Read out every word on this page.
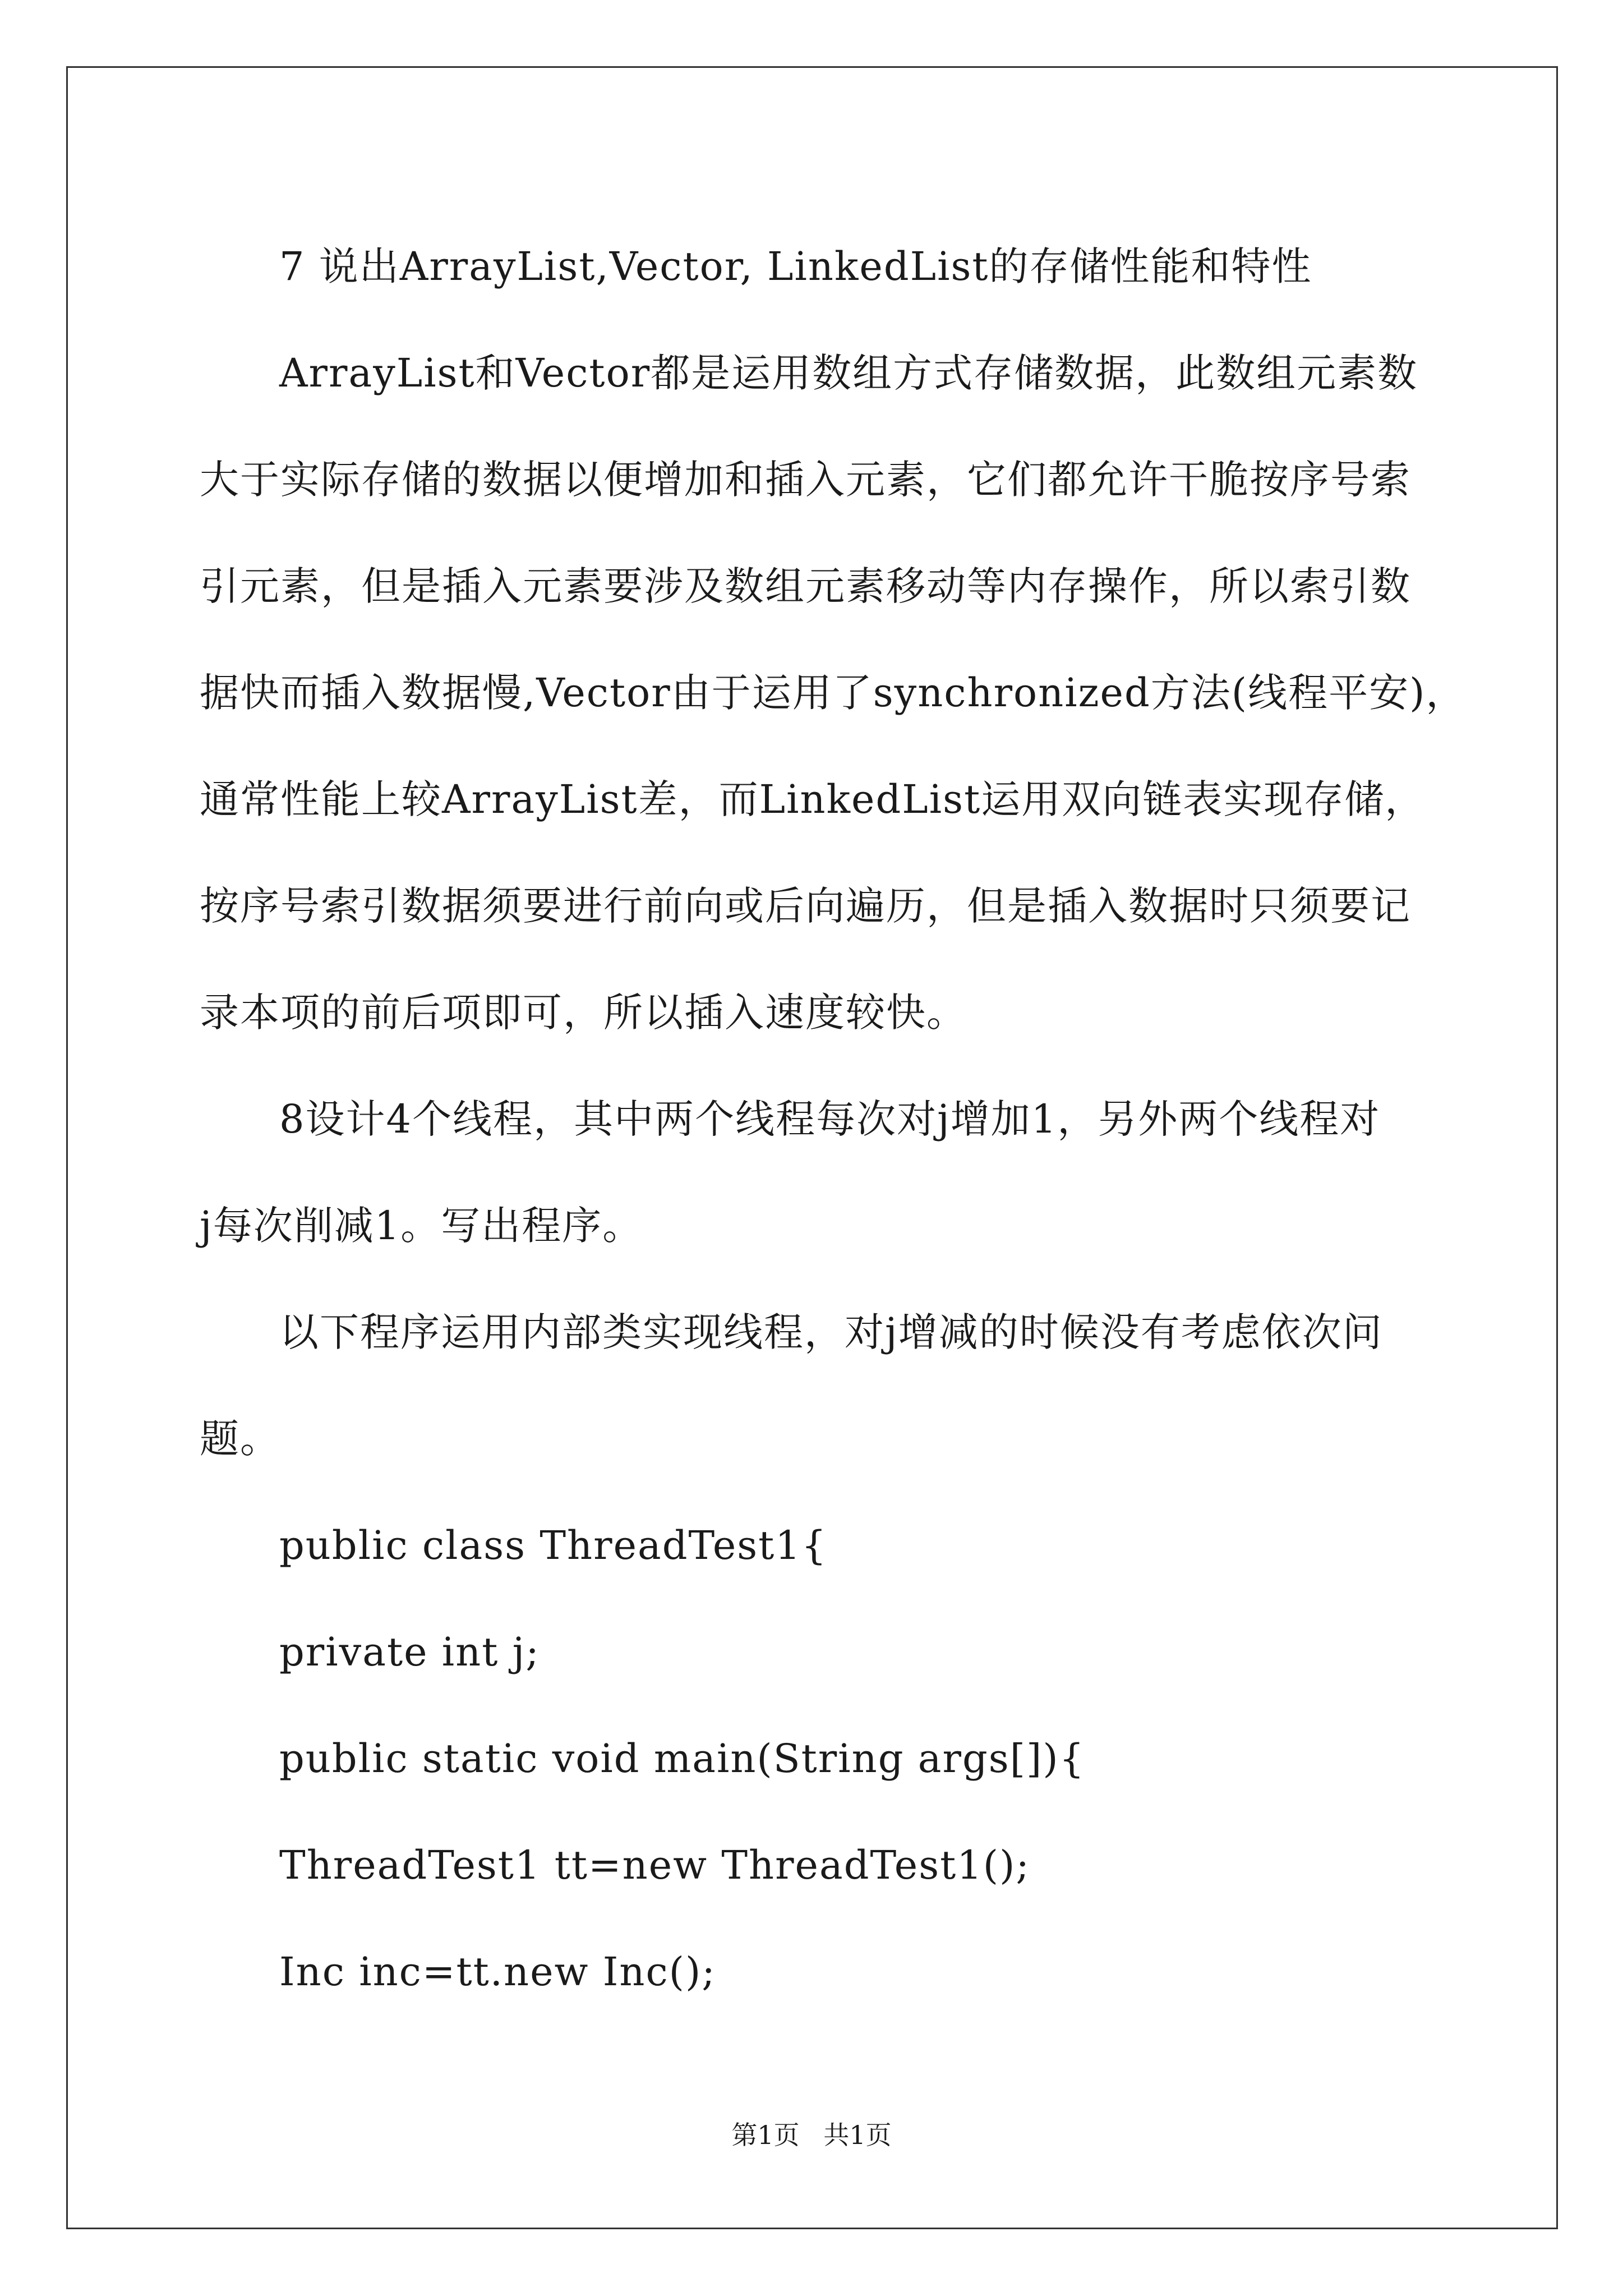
7 说出ArrayList,Vector, LinkedList的存储性能和特性
ArrayList和Vector都是运用数组方式存储数据，此数组元素数
大于实际存储的数据以便增加和插入元素，它们都允许干脆按序号索
引元素，但是插入元素要涉及数组元素移动等内存操作，所以索引数
据快而插入数据慢,Vector由于运用了synchronized方法(线程平安)，
通常性能上较ArrayList差，而LinkedList运用双向链表实现存储，
按序号索引数据须要进行前向或后向遍历，但是插入数据时只须要记
录本项的前后项即可，所以插入速度较快。
8设计4个线程，其中两个线程每次对j增加1，另外两个线程对
j每次削减1。写出程序。
以下程序运用内部类实现线程，对j增减的时候没有考虑依次问
题。
public class ThreadTest1{
private int j;
public static void main(String args[]){
ThreadTest1 tt=new ThreadTest1();
Inc inc=tt.new Inc();
第1页 共1页
